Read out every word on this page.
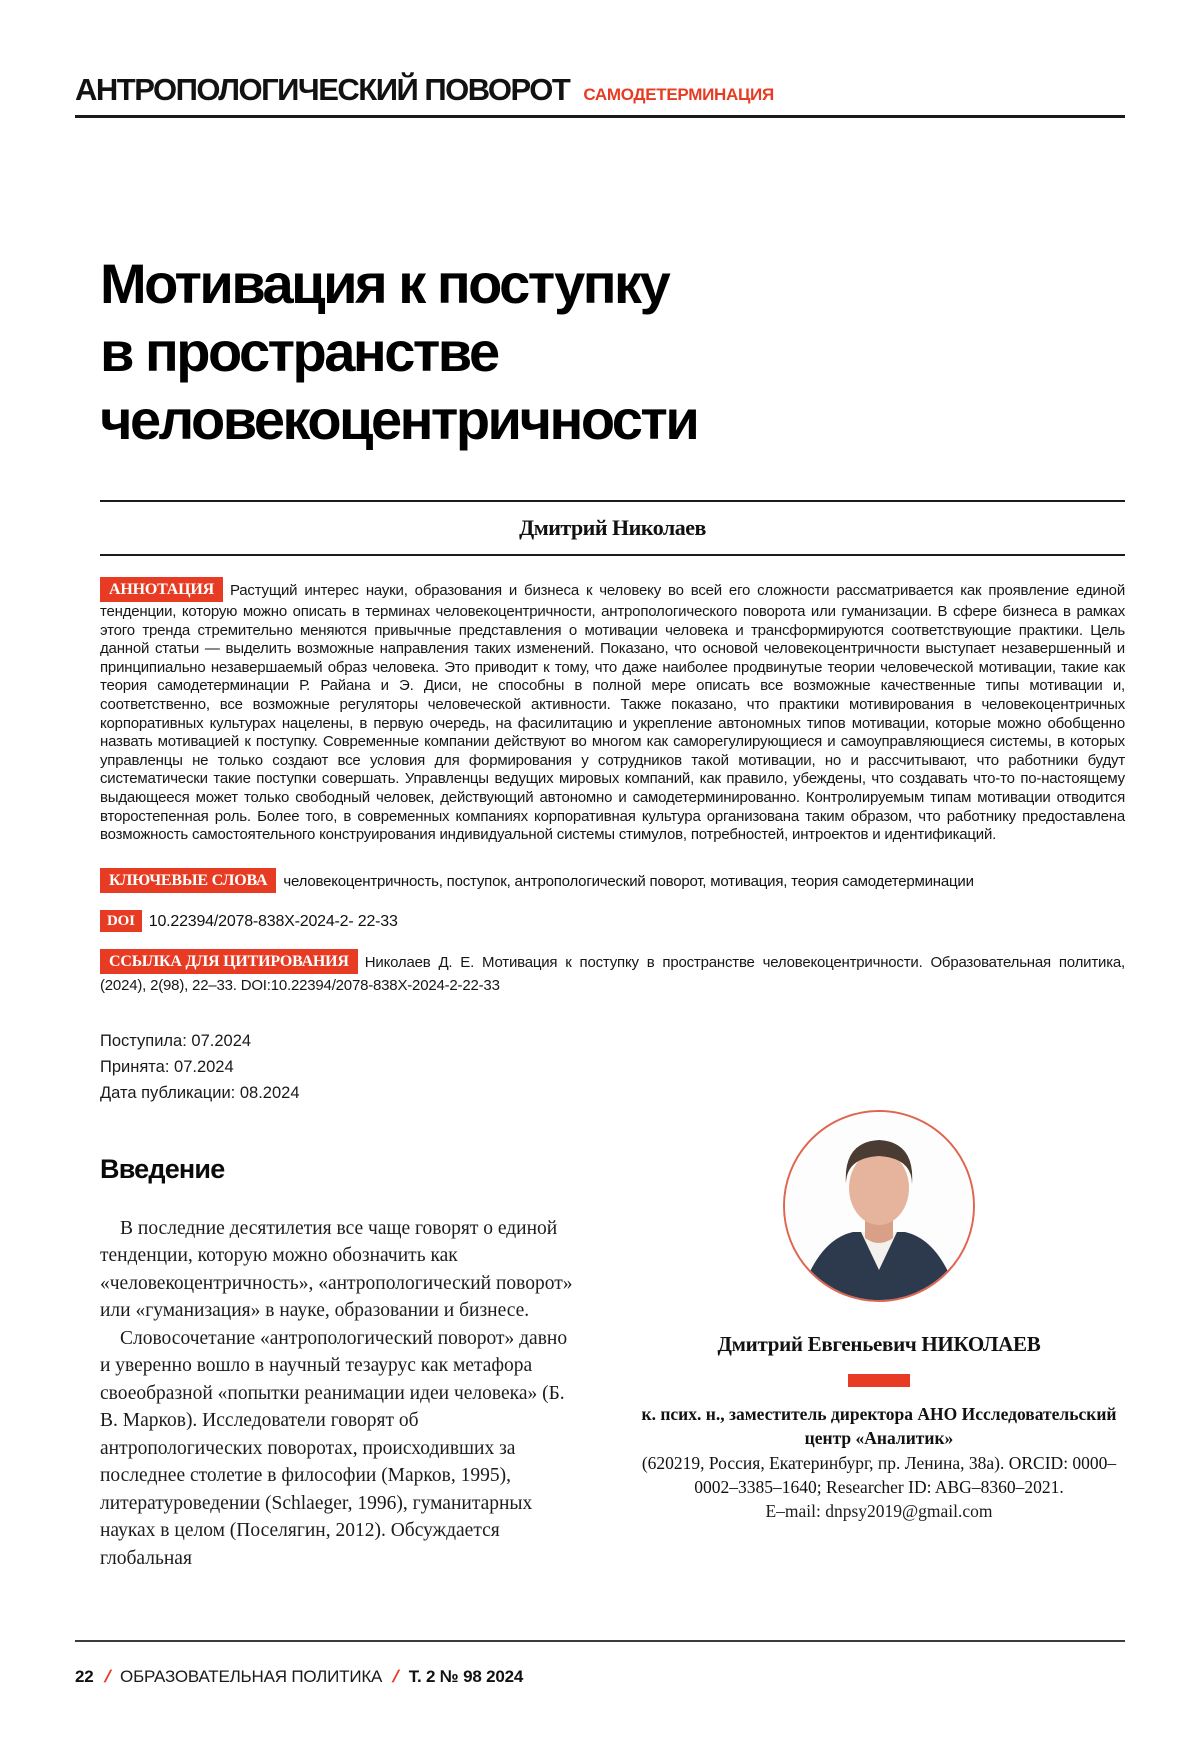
АНТРОПОЛОГИЧЕСКИЙ ПОВОРОТ САМОДЕТЕРМИНАЦИЯ
Мотивация к поступку
в пространстве
человекоцентричности
Дмитрий Николаев

АННОТАЦИЯ Растущий интерес науки, образования и бизнеса к человеку во всей его сложности рассматривается как проявление единой тенденции, которую можно описать в терминах человекоцентричности, антропологического поворота или гуманизации. В сфере бизнеса в рамках этого тренда стремительно меняются привычные представления о мотивации человека и трансформируются соответствующие практики. Цель данной статьи — выделить возможные направления таких изменений. Показано, что основой человекоцентричности выступает незавершенный и принципиально незавершаемый образ человека. Это приводит к тому, что даже наиболее продвинутые теории человеческой мотивации, такие как теория самодетерминации Р. Райана и Э. Диси, не способны в полной мере описать все возможные качественные типы мотивации и, соответственно, все возможные регуляторы человеческой активности. Также показано, что практики мотивирования в человекоцентричных корпоративных культурах нацелены, в первую очередь, на фасилитацию и укрепление автономных типов мотивации, которые можно обобщенно назвать мотивацией к поступку. Современные компании действуют во многом как саморегулирующиеся и самоуправляющиеся системы, в которых управленцы не только создают все условия для формирования у сотрудников такой мотивации, но и рассчитывают, что работники будут систематически такие поступки совершать. Управленцы ведущих мировых компаний, как правило, убеждены, что создавать что-то по-настоящему выдающееся может только свободный человек, действующий автономно и самодетерминированно. Контролируемым типам мотивации отводится второстепенная роль. Более того, в современных компаниях корпоративная культура организована таким образом, что работнику предоставлена возможность самостоятельного конструирования индивидуальной системы стимулов, потребностей, интроектов и идентификаций.

КЛЮЧЕВЫЕ СЛОВА человекоцентричность, поступок, антропологический поворот, мотивация, теория самодетерминации

DOI 10.22394/2078-838X-2024-2- 22-33

ССЫЛКА ДЛЯ ЦИТИРОВАНИЯ Николаев Д. Е. Мотивация к поступку в пространстве человекоцентричности. Образовательная политика, (2024), 2(98), 22–33. DOI:10.22394/2078-838X-2024-2-22-33

Поступила: 07.2024
Принята: 07.2024
Дата публикации: 08.2024
Введение

В последние десятилетия все чаще говорят о единой тенденции, которую можно обозначить как «человекоцентричность», «антропологический поворот» или «гуманизация» в науке, образовании и бизнесе.

Словосочетание «антропологический поворот» давно и уверенно вошло в научный тезаурус как метафора своеобразной «попытки реанимации идеи человека» (Б. В. Марков). Исследователи говорят об антропологических поворотах, происходивших за последнее столетие в философии (Марков, 1995), литературоведении (Schlaeger, 1996), гуманитарных науках в целом (Поселягин, 2012). Обсуждается глобальная

Дмитрий Евгеньевич НИКОЛАЕВ
к. псих. н., заместитель директора АНО Исследовательский центр «Аналитик»
(620219, Россия, Екатеринбург, пр. Ленина, 38а). ORCID: 0000–0002–3385–1640; Researcher ID: ABG–8360–2021.
E–mail: dnpsy2019@gmail.com
22 / ОБРАЗОВАТЕЛЬНАЯ ПОЛИТИКА / Т. 2 № 98 2024
